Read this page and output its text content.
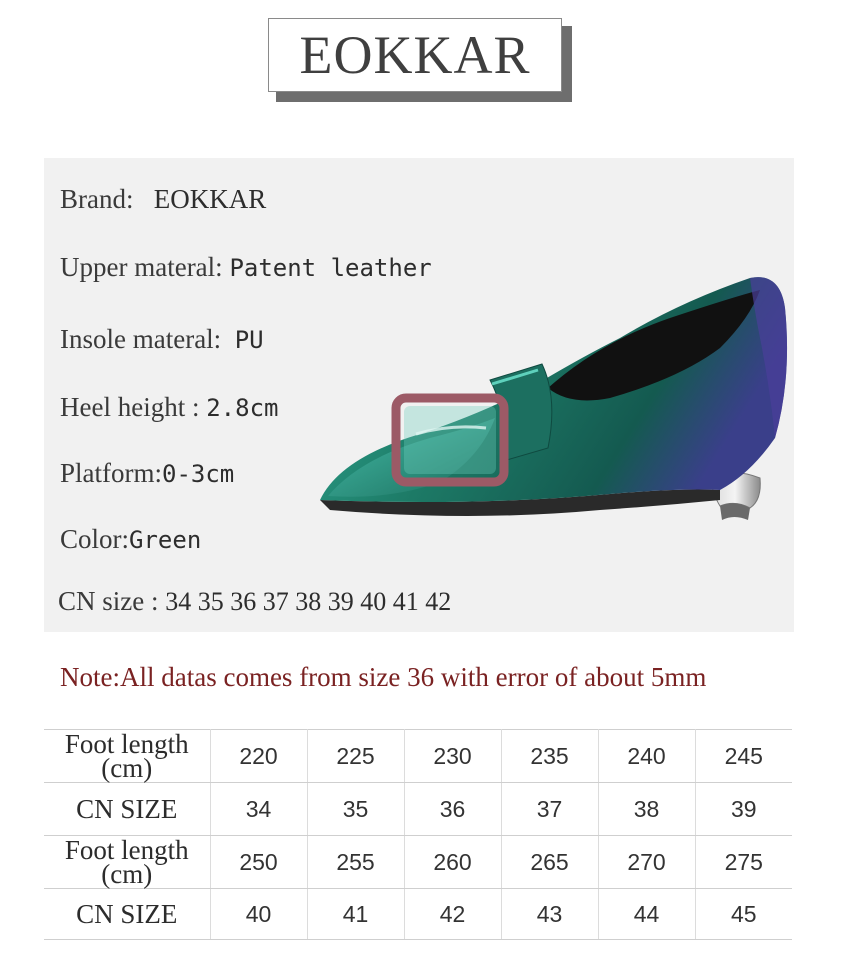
EOKKAR
Brand: EOKKAR
Upper materal: Patent leather
Insole materal: PU
Heel height : 2.8cm
Platform:0-3cm
Color:Green
CN size : 34 35 36 37 38 39 40 41 42
Note:All datas comes from size 36 with error of about 5mm
Foot length
(cm)	220	225	230	235	240	245
CN SIZE	34	35	36	37	38	39

Foot length
(cm)	250	255	260	265	270	275
CN SIZE	40	41	42	43	44	45
